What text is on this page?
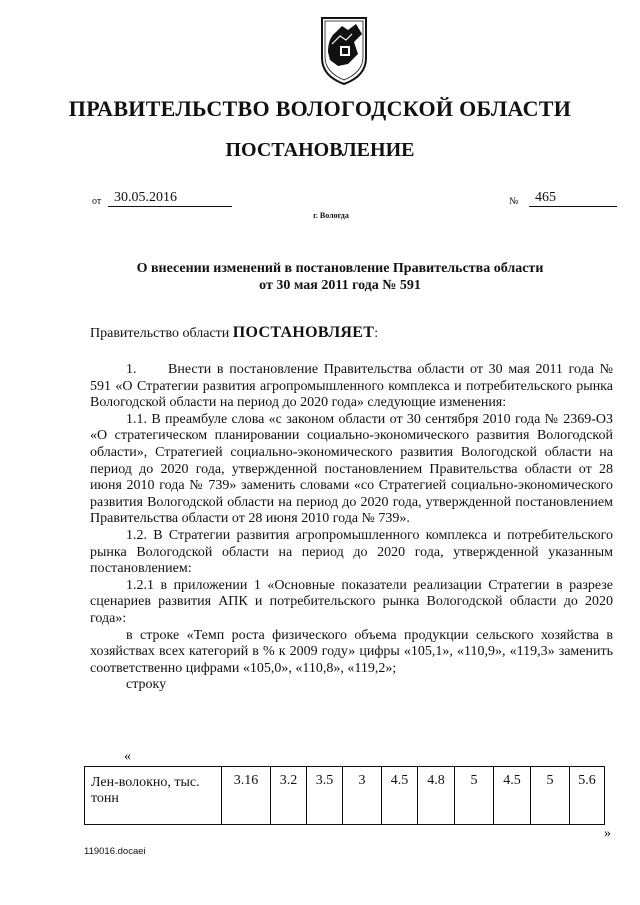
ПРАВИТЕЛЬСТВО ВОЛОГОДСКОЙ ОБЛАСТИ
ПОСТАНОВЛЕНИЕ
от 30.05.2016
г. Вологда
№	465
О внесении изменений в постановление Правительства области
от 30 мая 2011 года № 591
Правительство области ПОСТАНОВЛЯЕТ:

1. Внести в постановление Правительства области от 30 мая 2011 года № 591 «О Стратегии развития агропромышленного комплекса и потребительского рынка Вологодской области на период до 2020 года» следующие изменения:

1.1. В преамбуле слова «с законом области от 30 сентября 2010 года № 2369-ОЗ «О стратегическом планировании социально-экономического развития Вологодской области», Стратегией социально-экономического развития Вологодской области на период до 2020 года, утвержденной постановлением Правительства области от 28 июня 2010 года № 739» заменить словами «со Стратегией социально-экономического развития Вологодской области на период до 2020 года, утвержденной постановлением Правительства области от 28 июня 2010 года № 739».

1.2. В Стратегии развития агропромышленного комплекса и потребительского рынка Вологодской области на период до 2020 года, утвержденной указанным постановлением:

1.2.1 в приложении 1 «Основные показатели реализации Стратегии в разрезе сценариев развития АПК и потребительского рынка Вологодской области до 2020 года»:

в строке «Темп роста физического объема продукции сельского хозяйства в хозяйствах всех категорий в % к 2009 году» цифры «105,1», «110,9», «119,3» заменить соответственно цифрами «105,0», «110,8», «119,2»;

строку

«
Лен-волокно, тыс. тонн	3.16	3.2	3.5	3	4.5	4.8	5	4.5	5	5.6
»
119016.docaei
